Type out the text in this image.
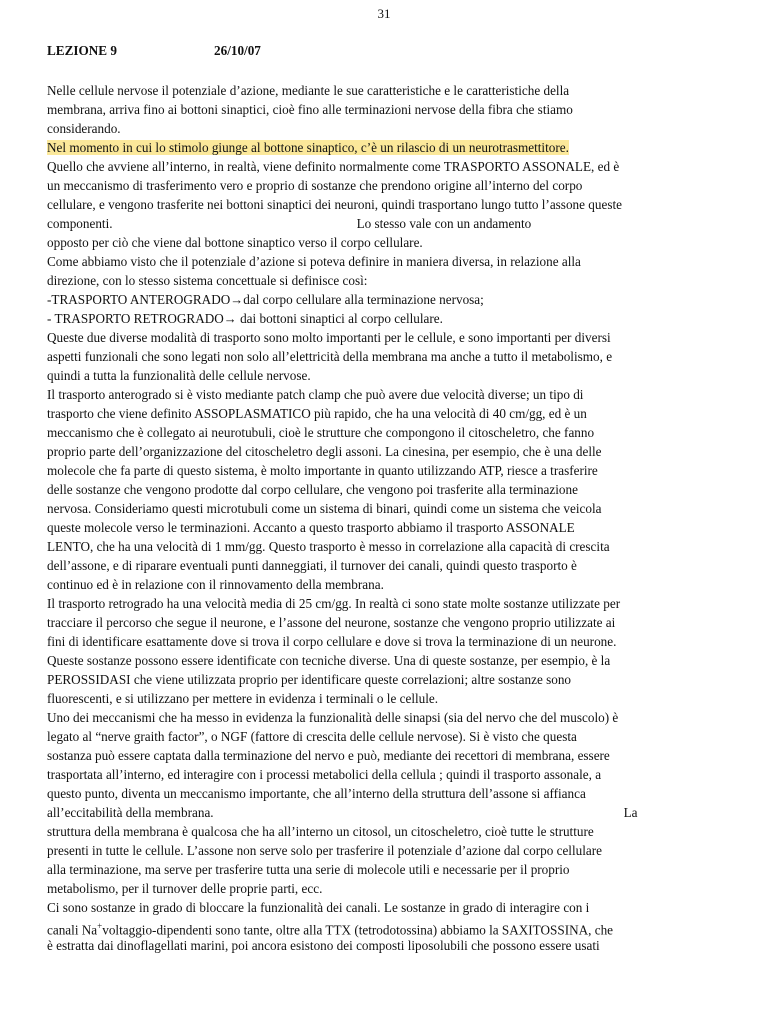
31
LEZIONE 9	26/10/07
Nelle cellule nervose il potenziale d’azione, mediante le sue caratteristiche e le caratteristiche della
membrana, arriva fino ai bottoni sinaptici, cioè fino alle terminazioni nervose della fibra che stiamo
considerando.
Nel momento in cui lo stimolo giunge al bottone sinaptico, c’è un rilascio di un neurotrasmettitore.
Quello che avviene all’interno, in realtà, viene definito normalmente come TRASPORTO ASSONALE, ed è
un meccanismo di trasferimento vero e proprio di sostanze che prendono origine all’interno del corpo
cellulare, e vengono trasferite nei bottoni sinaptici dei neuroni, quindi trasportano lungo tutto l’assone queste
componenti.	Lo stesso vale con un andamento
opposto per ciò che viene dal bottone sinaptico verso il corpo cellulare.
Come abbiamo visto che il potenziale d’azione si poteva definire in maniera diversa, in relazione alla
direzione, con lo stesso sistema concettuale si definisce così:
-TRASPORTO ANTEROGRADO→dal corpo cellulare alla terminazione nervosa;
- TRASPORTO RETROGRADO→ dai bottoni sinaptici al corpo cellulare.
Queste due diverse modalità di trasporto sono molto importanti per le cellule, e sono importanti per diversi
aspetti funzionali che sono legati non solo all’elettricità della membrana ma anche a tutto il metabolismo, e
quindi a tutta la funzionalità delle cellule nervose.
Il trasporto anterogrado si è visto mediante patch clamp che può avere due velocità diverse; un tipo di
trasporto che viene definito ASSOPLASMATICO più rapido, che ha una velocità di 40 cm/gg, ed è un
meccanismo che è collegato ai neurotubuli, cioè le strutture che compongono il citoscheletro, che fanno
proprio parte dell’organizzazione del citoscheletro degli assoni. La cinesina, per esempio, che è una delle
molecole che fa parte di questo sistema, è molto importante in quanto utilizzando ATP, riesce a trasferire
delle sostanze che vengono prodotte dal corpo cellulare, che vengono poi trasferite alla terminazione
nervosa. Consideriamo questi microtubuli come un sistema di binari, quindi come un sistema che veicola
queste molecole verso le terminazioni. Accanto a questo trasporto abbiamo il trasporto ASSONALE
LENTO, che ha una velocità di 1 mm/gg. Questo trasporto è messo in correlazione alla capacità di crescita
dell’assone, e di riparare eventuali punti danneggiati, il turnover dei canali, quindi questo trasporto è
continuo ed è in relazione con il rinnovamento della membrana.
Il trasporto retrogrado ha una velocità media di 25 cm/gg. In realtà ci sono state molte sostanze utilizzate per
tracciare il percorso che segue il neurone, e l’assone del neurone, sostanze che vengono proprio utilizzate ai
fini di identificare esattamente dove si trova il corpo cellulare e dove si trova la terminazione di un neurone.
Queste sostanze possono essere identificate con tecniche diverse. Una di queste sostanze, per esempio, è la
PEROSSIDASI che viene utilizzata proprio per identificare queste correlazioni; altre sostanze sono
fluorescenti, e si utilizzano per mettere in evidenza i terminali o le cellule.
Uno dei meccanismi che ha messo in evidenza la funzionalità delle sinapsi (sia del nervo che del muscolo) è
legato al “nerve graith factor”, o NGF (fattore di crescita delle cellule nervose). Si è visto che questa
sostanza può essere captata dalla terminazione del nervo e può, mediante dei recettori di membrana, essere
trasportata all’interno, ed interagire con i processi metabolici della cellula ; quindi il trasporto assonale, a
questo punto, diventa un meccanismo importante, che all’interno della struttura dell’assone si affianca
all’eccitabilità della membrana.	La
struttura della membrana è qualcosa che ha all’interno un citosol, un citoscheletro, cioè tutte le strutture
presenti in tutte le cellule. L’assone non serve solo per trasferire il potenziale d’azione dal corpo cellulare
alla terminazione, ma serve per trasferire tutta una serie di molecole utili e necessarie per il proprio
metabolismo, per il turnover delle proprie parti, ecc.
Ci sono sostanze in grado di bloccare la funzionalità dei canali. Le sostanze in grado di interagire con i
canali Na+voltaggio-dipendenti sono tante, oltre alla TTX (tetrodotossina) abbiamo la SAXITOSSINA, che
è estratta dai dinoflagellati marini, poi ancora esistono dei composti liposolubili che possono essere usati
